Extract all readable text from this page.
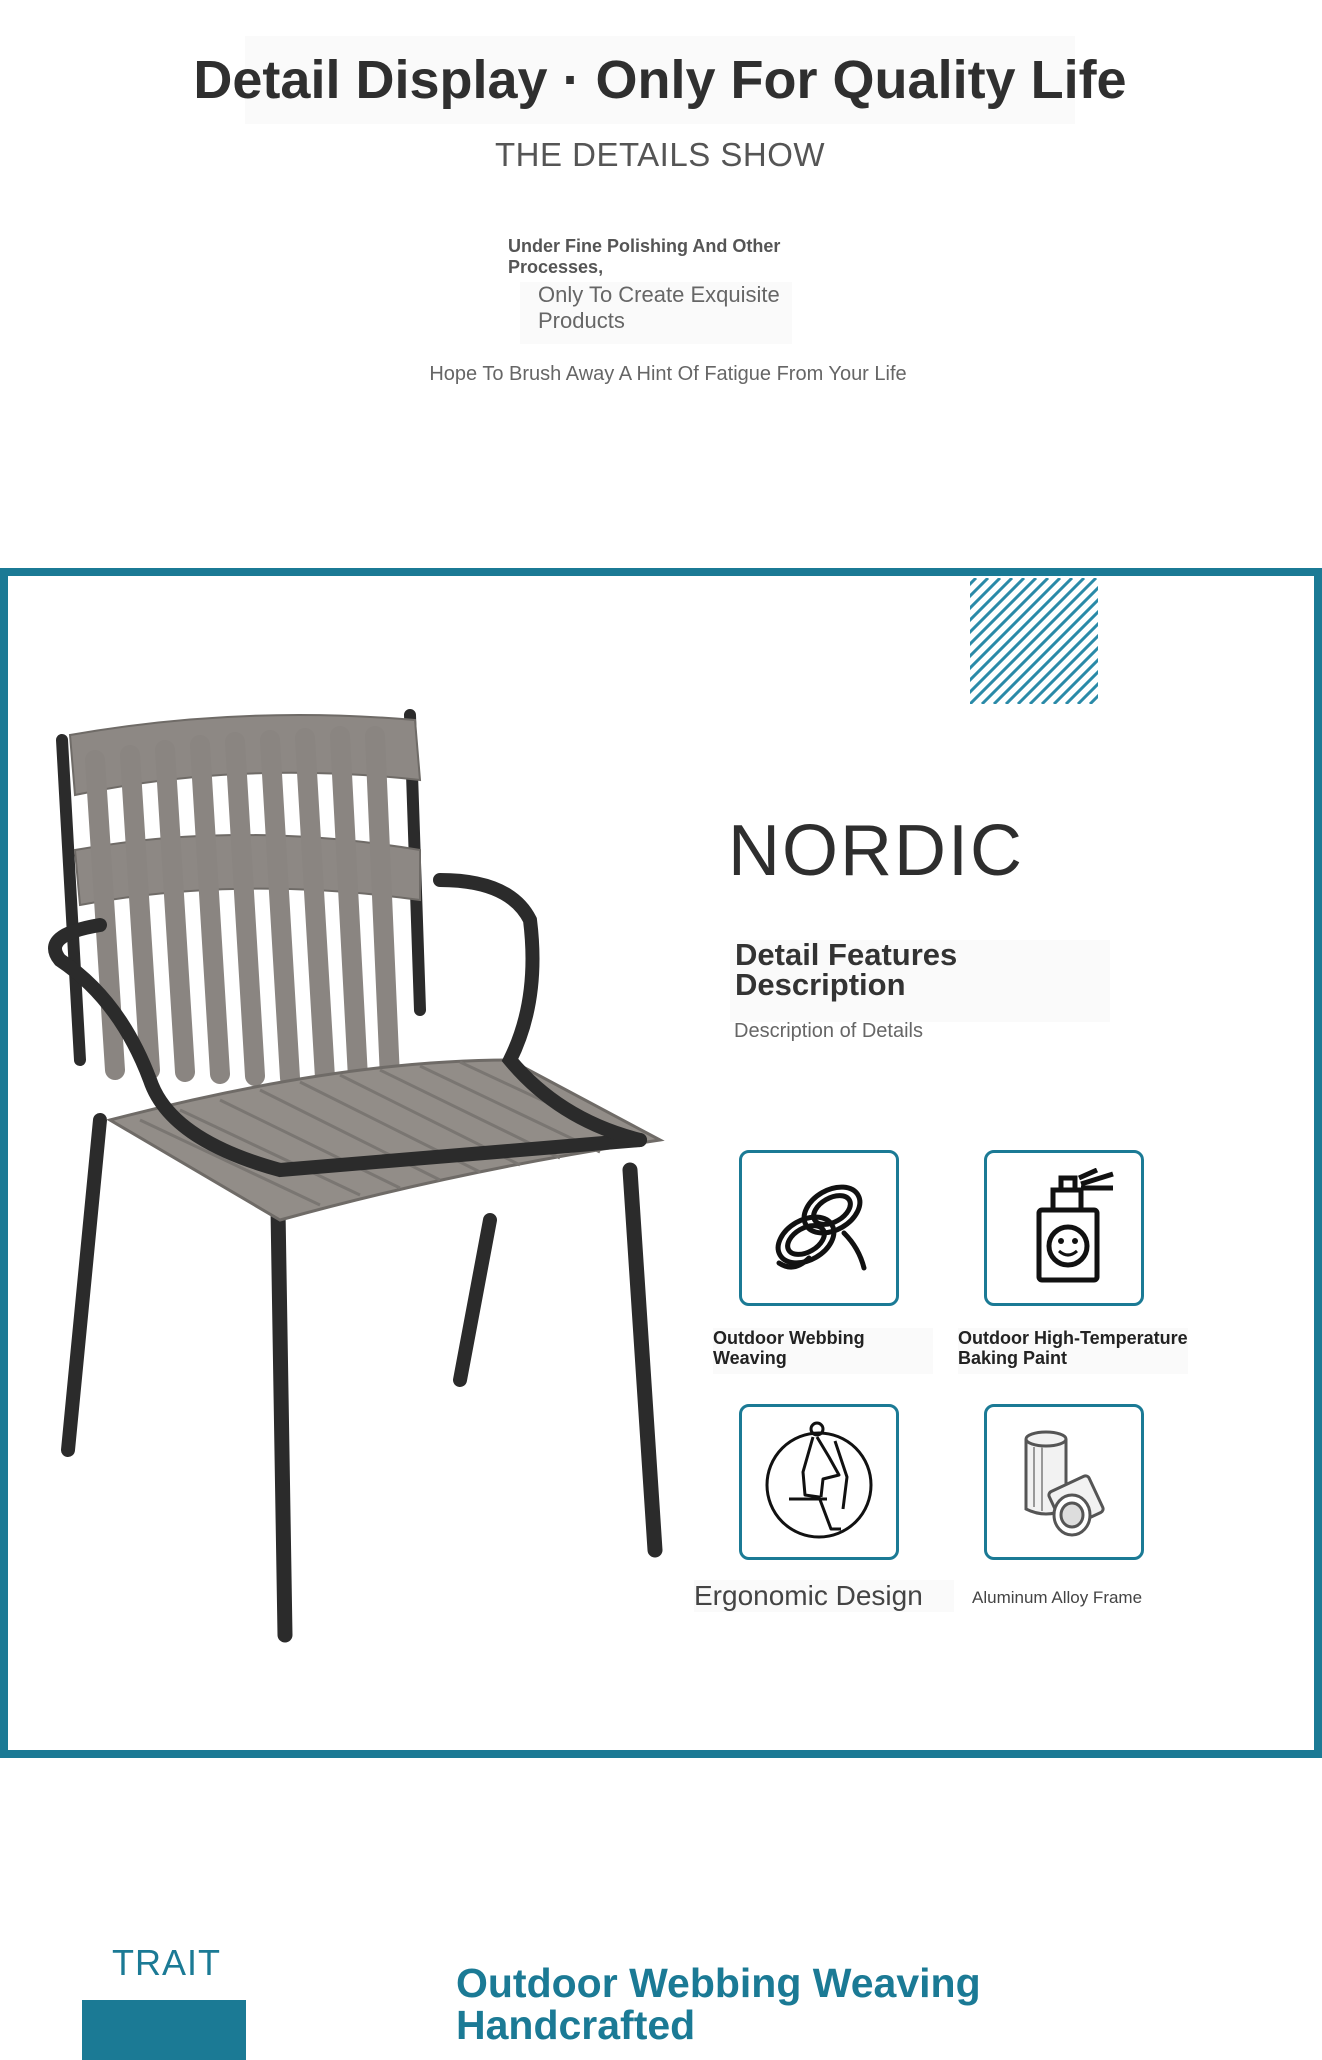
Detail Display · Only For Quality Life
THE DETAILS SHOW
Under Fine Polishing And Other Processes,
Only To Create Exquisite Products
Hope To Brush Away A Hint Of Fatigue From Your Life
NORDIC
Detail Features Description
Description of Details
Outdoor Webbing Weaving
Outdoor High-Temperature Baking Paint
Ergonomic Design	Aluminum Alloy Frame
TRAIT	Outdoor Webbing Weaving Handcrafted
